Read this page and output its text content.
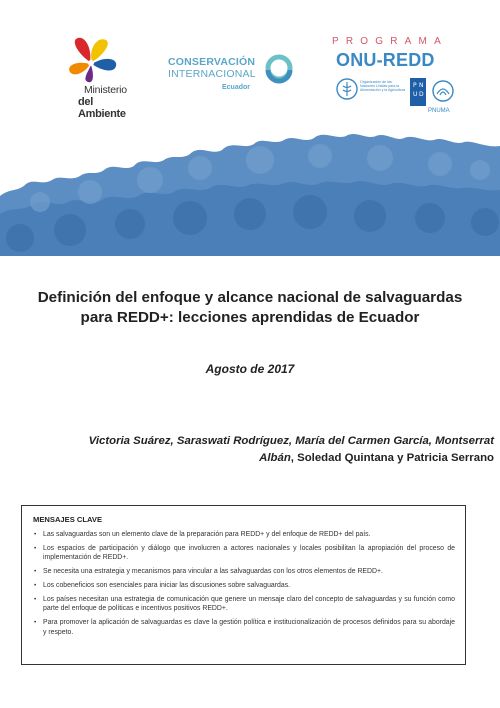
Ministerio
del Ambiente
CONSERVACIÓN
INTERNACIONAL
Ecuador
PROGRAMA
ONU-REDD
Organización de las Naciones Unidas para la Alimentación y la Agricultura
P N
U D
PNUMA
Definición del enfoque y alcance nacional de salvaguardas para REDD+: lecciones aprendidas de Ecuador
Agosto de 2017

Victoria Suárez, Saraswati Rodríguez, María del Carmen García, Montserrat Albán, Soledad Quintana y Patricia Serrano

MENSAJES CLAVE
• Las salvaguardas son un elemento clave de la preparación para REDD+ y del enfoque de REDD+ del país.
• Los espacios de participación y diálogo que involucren a actores nacionales y locales posibilitan la apropiación del proceso de implementación de REDD+.
• Se necesita una estrategia y mecanismos para vincular a las salvaguardas con los otros elementos de REDD+.
• Los cobeneficios son esenciales para iniciar las discusiones sobre salvaguardas.
• Los países necesitan una estrategia de comunicación que genere un mensaje claro del concepto de salvaguardas y su función como parte del enfoque de políticas e incentivos positivos REDD+.
• Para promover la aplicación de salvaguardas es clave la gestión política e institucionalización de procesos definidos para su abordaje y respeto.
